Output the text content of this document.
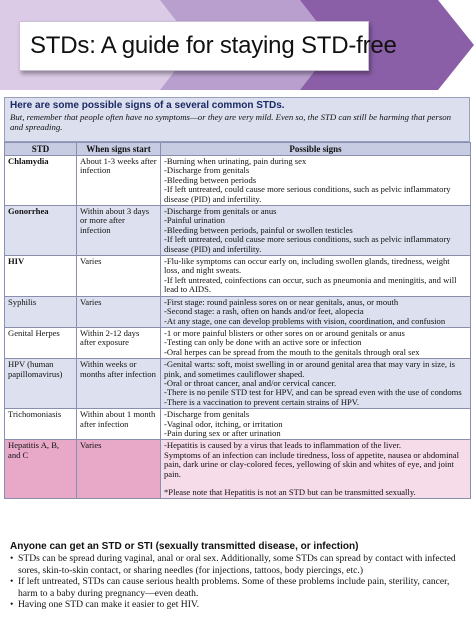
STDs: A guide for staying STD-free
Here are some possible signs of a several common STDs.
But, remember that people often have no symptoms—or they are very mild. Even so, the STD can still be harming that person and spreading.
STD	When signs start	Possible signs
Chlamydia	About 1-3 weeks after infection	-Burning when urinating, pain during sex
-Discharge from genitals
-Bleeding between periods
-If left untreated, could cause more serious conditions, such as pelvic inflammatory disease (PID) and infertility.

Gonorrhea	Within about 3 days or more after infection	-Discharge from genitals or anus
-Painful urination
-Bleeding between periods, painful or swollen testicles
-If left untreated, could cause more serious conditions, such as pelvic inflammatory disease (PID) and infertility.

HIV	Varies	-Flu-like symptoms can occur early on, including swollen glands, tiredness, weight loss, and night sweats.
-If left untreated, coinfections can occur, such as pneumonia and meningitis, and will lead to AIDS.

Syphilis	Varies	-First stage: round painless sores on or near genitals, anus, or mouth
-Second stage: a rash, often on hands and/or feet, alopecia
-At any stage, one can develop problems with vision, coordination, and confusion

Genital Herpes	Within 2-12 days after exposure	-1 or more painful blisters or other sores on or around genitals or anus
-Testing can only be done with an active sore or infection
-Oral herpes can be spread from the mouth to the genitals through oral sex

HPV (human papillomavirus)	Within weeks or months after infection	-Genital warts: soft, moist swelling in or around genital area that may vary in size, is pink, and sometimes cauliflower shaped.
-Oral or throat cancer, anal and/or cervical cancer.
-There is no penile STD test for HPV, and can be spread even with the use of condoms
-There is a vaccination to prevent certain strains of HPV.

Trichomoniasis	Within about 1 month after infection	-Discharge from genitals
-Vaginal odor, itching, or irritation
-Pain during sex or after urination

Hepatitis A, B, and C	Varies	-Hepatitis is caused by a virus that leads to inflammation of the liver.
Symptoms of an infection can include tiredness, loss of appetite, nausea or abdominal pain, dark urine or clay-colored feces, yellowing of skin and whites of eye, and joint pain.
*Please note that Hepatitis is not an STD but can be transmitted sexually.
Anyone can get an STD or STI (sexually transmitted disease, or infection)
• STDs can be spread during vaginal, anal or oral sex. Additionally, some STDs can spread by contact with infected sores, skin-to-skin contact, or sharing needles (for injections, tattoos, body piercings, etc.)
• If left untreated, STDs can cause serious health problems. Some of these problems include pain, sterility, cancer, harm to a baby during pregnancy—even death.
• Having one STD can make it easier to get HIV.
